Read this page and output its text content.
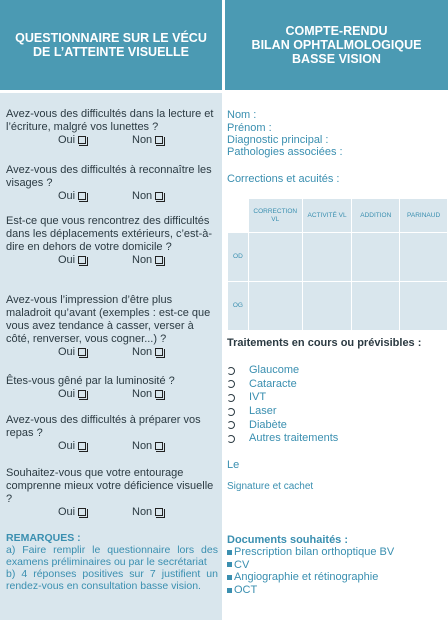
QUESTIONNAIRE SUR LE VÉCU
DE L’ATTEINTE VISUELLE
COMPTE-RENDU
BILAN OPHTALMOLOGIQUE
BASSE VISION
Avez-vous des difficultés dans la lecture et l’écriture, malgré vos lunettes ?
Oui	Non
Avez-vous des difficultés à reconnaître les visages ?
Oui	Non
Est-ce que vous rencontrez des difficultés dans les déplacements extérieurs, c’est-à-dire en dehors de votre domicile ?
Oui	Non
Avez-vous l’impression d’être plus maladroit qu’avant (exemples : est-ce que vous avez tendance à casser, verser à côté, renverser, vous cogner...) ?
Oui	Non
Êtes-vous gêné par la luminosité ?
Oui	Non
Avez-vous des difficultés à préparer vos repas ?
Oui	Non
Souhaitez-vous que votre entourage comprenne mieux votre déficience visuelle ?
Oui	Non
REMARQUES :
a) Faire remplir le questionnaire lors des examens préliminaires ou par le secrétariat
b) 4 réponses positives sur 7 justifient un rendez-vous en consultation basse vision.
Nom :
Prénom :
Diagnostic principal :
Pathologies associées :
Corrections et acuités :
	CORRECTION VL	ACTIVITÉ VL	ADDITION	PARINAUD
OD				
OG				
Traitements en cours ou prévisibles :
Glaucome
Cataracte
IVT
Laser
Diabète
Autres traitements
Le
Signature et cachet
Documents souhaités :
Prescription bilan orthoptique BV
CV
Angiographie et rétinographie
OCT
